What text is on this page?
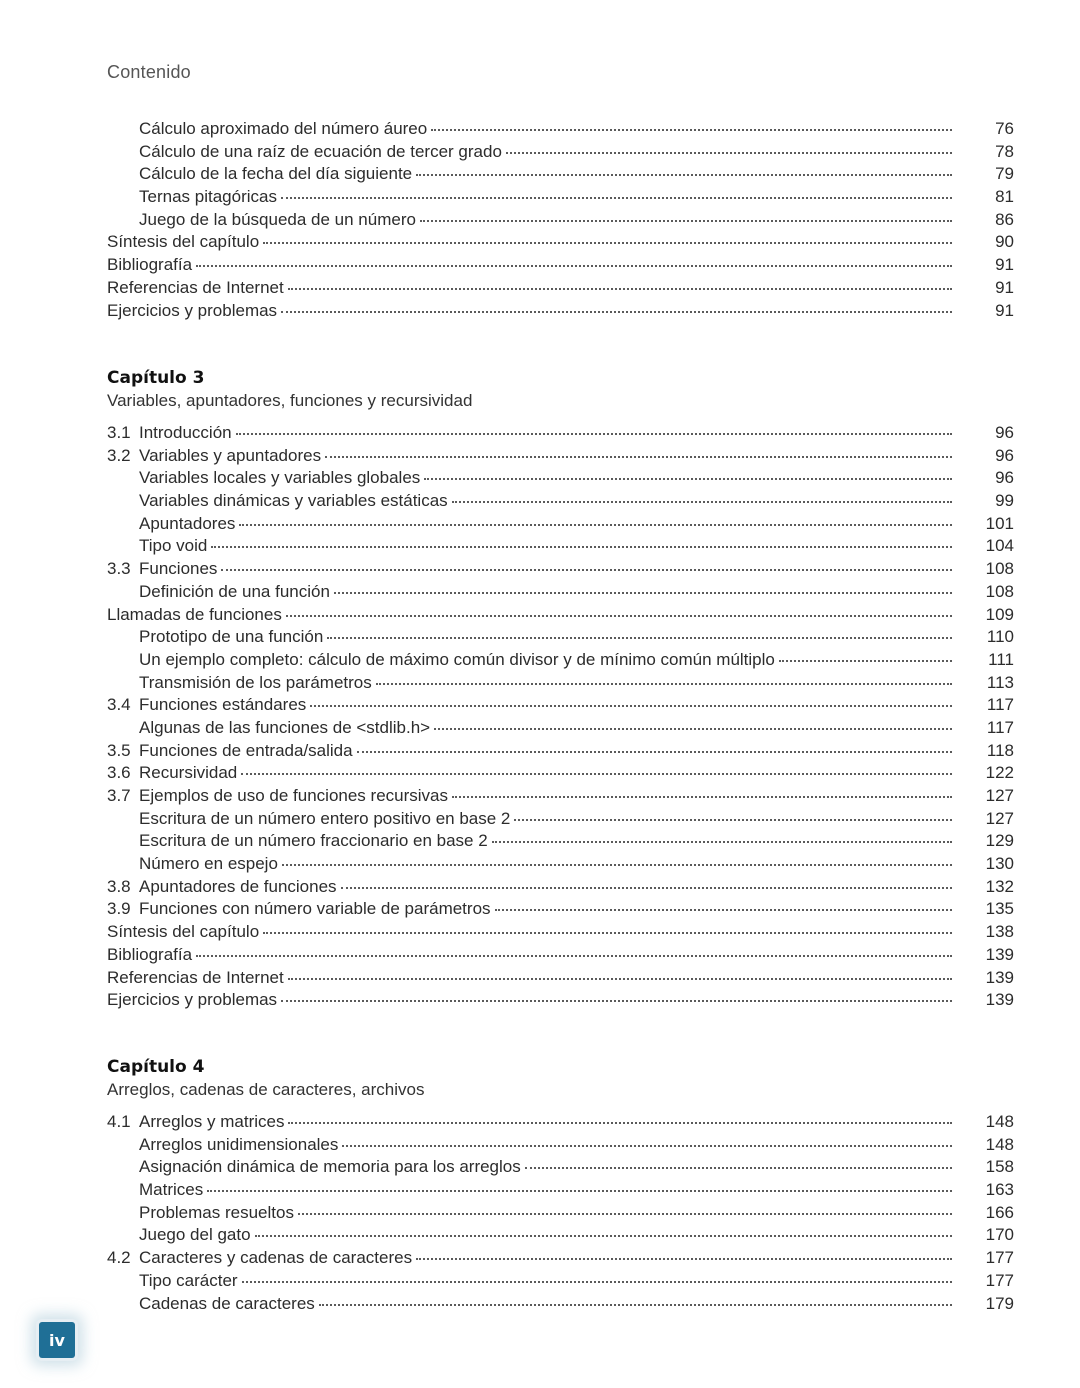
Contenido
Cálculo aproximado del número áureo	76
Cálculo de una raíz de ecuación de tercer grado	78
Cálculo de la fecha del día siguiente	79
Ternas pitagóricas	81
Juego de la búsqueda de un número	86
Síntesis del capítulo	90
Bibliografía	91
Referencias de Internet	91
Ejercicios y problemas	91
Capítulo 3
Variables, apuntadores, funciones y recursividad
3.1 Introducción	96
3.2 Variables y apuntadores	96
Variables locales y variables globales	96
Variables dinámicas y variables estáticas	99
Apuntadores	101
Tipo void	104
3.3 Funciones	108
Definición de una función	108
Llamadas de funciones	109
Prototipo de una función	110
Un ejemplo completo: cálculo de máximo común divisor y de mínimo común múltiplo	111
Transmisión de los parámetros	113
3.4 Funciones estándares	117
Algunas de las funciones de <stdlib.h>	117
3.5 Funciones de entrada/salida	118
3.6 Recursividad	122
3.7 Ejemplos de uso de funciones recursivas	127
Escritura de un número entero positivo en base 2	127
Escritura de un número fraccionario en base 2	129
Número en espejo	130
3.8 Apuntadores de funciones	132
3.9 Funciones con número variable de parámetros	135
Síntesis del capítulo	138
Bibliografía	139
Referencias de Internet	139
Ejercicios y problemas	139
Capítulo 4
Arreglos, cadenas de caracteres, archivos
4.1 Arreglos y matrices	148
Arreglos unidimensionales	148
Asignación dinámica de memoria para los arreglos	158
Matrices	163
Problemas resueltos	166
Juego del gato	170
4.2 Caracteres y cadenas de caracteres	177
Tipo carácter	177
Cadenas de caracteres	179
iv
